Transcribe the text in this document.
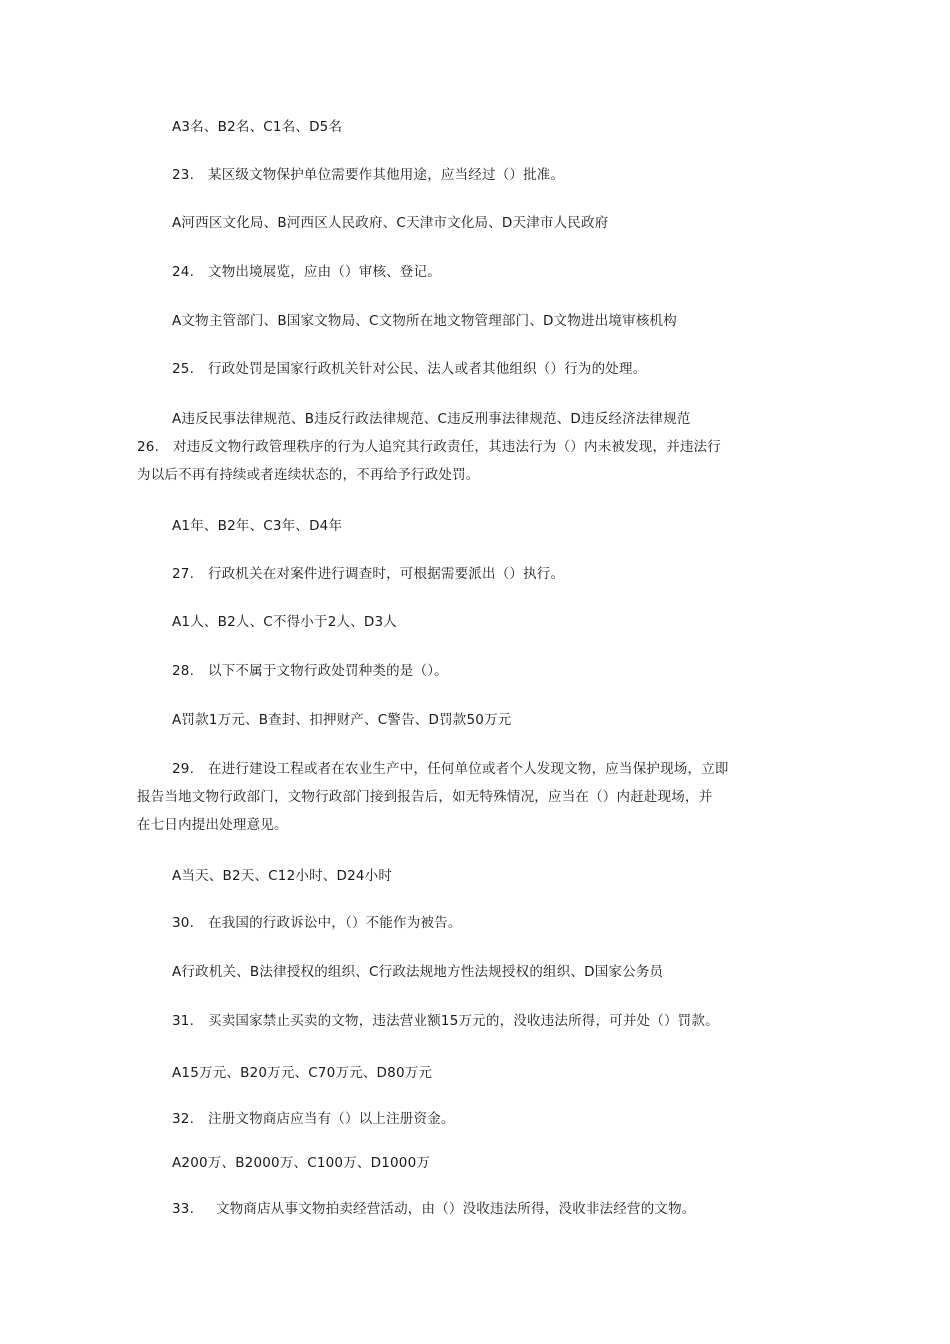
A3名、B2名、C1名、D5名
23. 某区级文物保护单位需要作其他用途，应当经过（）批准。
A河西区文化局、B河西区人民政府、C天津市文化局、D天津市人民政府
24. 文物出境展览，应由（）审核、登记。
A文物主管部门、B国家文物局、C文物所在地文物管理部门、D文物进出境审核机构
25. 行政处罚是国家行政机关针对公民、法人或者其他组织（）行为的处理。
A违反民事法律规范、B违反行政法律规范、C违反刑事法律规范、D违反经济法律规范
26. 对违反文物行政管理秩序的行为人追究其行政责任，其违法行为（）内未被发现，并违法行
为以后不再有持续或者连续状态的，不再给予行政处罚。
A1年、B2年、C3年、D4年
27. 行政机关在对案件进行调查时，可根据需要派出（）执行。
A1人、B2人、C不得小于2人、D3人
28. 以下不属于文物行政处罚种类的是（）。
A罚款1万元、B查封、扣押财产、C警告、D罚款50万元
29. 在进行建设工程或者在农业生产中，任何单位或者个人发现文物，应当保护现场，立即
报告当地文物行政部门，文物行政部门接到报告后，如无特殊情况，应当在（）内赶赴现场，并
在七日内提出处理意见。
A当天、B2天、C12小时、D24小时
30. 在我国的行政诉讼中，（）不能作为被告。
A行政机关、B法律授权的组织、C行政法规地方性法规授权的组织、D国家公务员
31. 买卖国家禁止买卖的文物，违法营业额15万元的，没收违法所得，可并处（）罚款。
A15万元、B20万元、C70万元、D80万元
32. 注册文物商店应当有（）以上注册资金。
A200万、B2000万、C100万、D1000万
33. 文物商店从事文物拍卖经营活动，由（）没收违法所得，没收非法经营的文物。
